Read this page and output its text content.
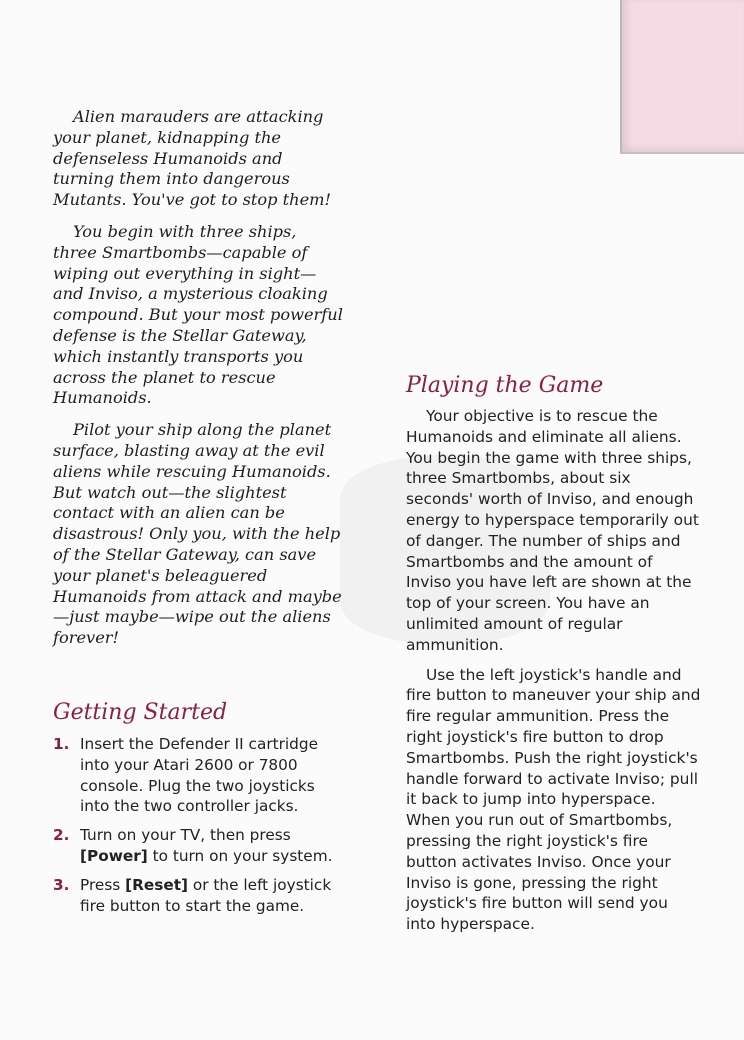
Alien marauders are attacking your planet, kidnapping the defenseless Humanoids and turning them into dangerous Mutants. You've got to stop them!

You begin with three ships, three Smartbombs—capable of wiping out everything in sight—and Inviso, a mysterious cloaking compound. But your most powerful defense is the Stellar Gateway, which instantly transports you across the planet to rescue Humanoids.

Pilot your ship along the planet surface, blasting away at the evil aliens while rescuing Humanoids. But watch out—the slightest contact with an alien can be disastrous! Only you, with the help of the Stellar Gateway, can save your planet's beleaguered Humanoids from attack and maybe—just maybe—wipe out the aliens forever!

Getting Started
1. Insert the Defender II cartridge into your Atari 2600 or 7800 console. Plug the two joysticks into the two controller jacks.
2. Turn on your TV, then press [Power] to turn on your system.
3. Press [Reset] or the left joystick fire button to start the game.
Playing the Game

Your objective is to rescue the Humanoids and eliminate all aliens. You begin the game with three ships, three Smartbombs, about six seconds' worth of Inviso, and enough energy to hyperspace temporarily out of danger. The number of ships and Smartbombs and the amount of Inviso you have left are shown at the top of your screen. You have an unlimited amount of regular ammunition.

Use the left joystick's handle and fire button to maneuver your ship and fire regular ammunition. Press the right joystick's fire button to drop Smartbombs. Push the right joystick's handle forward to activate Inviso; pull it back to jump into hyperspace. When you run out of Smartbombs, pressing the right joystick's fire button activates Inviso. Once your Inviso is gone, pressing the right joystick's fire button will send you into hyperspace.
